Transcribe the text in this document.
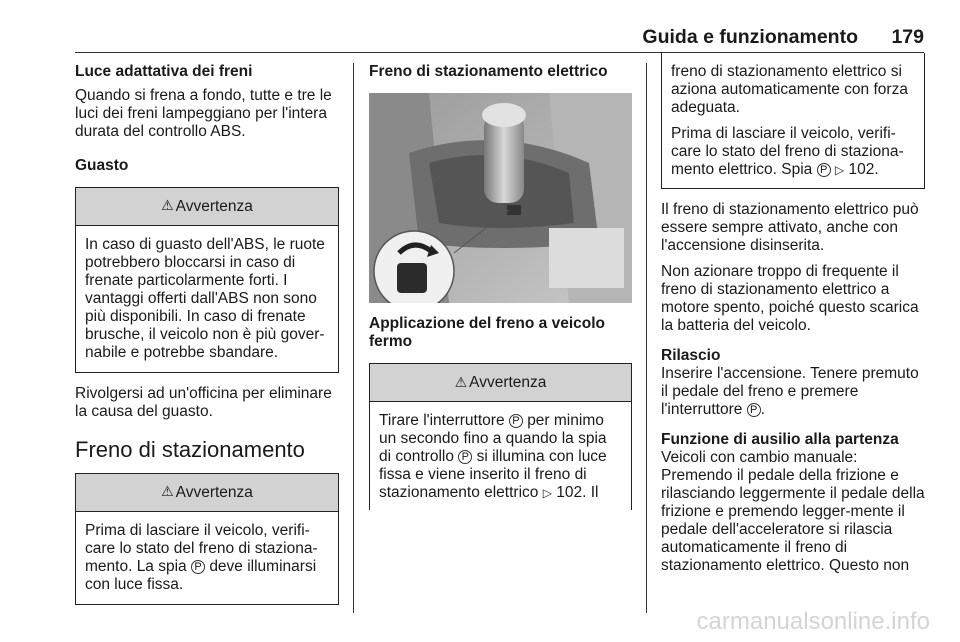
Guida e funzionamento 179
Luce adattativa dei freni

Quando si frena a fondo, tutte e tre le luci dei freni lampeggiano per l'intera durata del controllo ABS.

Guasto
⚠ Avvertenza
In caso di guasto dell'ABS, le ruote potrebbero bloccarsi in caso di frenate particolarmente forti. I vantaggi offerti dall'ABS non sono più disponibili. In caso di frenate brusche, il veicolo non è più gover-nabile e potrebbe sbandare.

Rivolgersi ad un'officina per eliminare la causa del guasto.

Freno di stazionamento
⚠ Avvertenza
Prima di lasciare il veicolo, verifi-care lo stato del freno di staziona-mento. La spia P deve illuminarsi con luce fissa.
Freno di stazionamento elettrico
Applicazione del freno a veicolo fermo
⚠ Avvertenza
Tirare l'interruttore P per minimo un secondo fino a quando la spia di controllo P si illumina con luce fissa e viene inserito il freno di stazionamento elettrico ▷ 102. Il
freno di stazionamento elettrico si aziona automaticamente con forza adeguata.
Prima di lasciare il veicolo, verifi-care lo stato del freno di staziona-mento elettrico. Spia P ▷ 102.

Il freno di stazionamento elettrico può essere sempre attivato, anche con l'accensione disinserita.

Non azionare troppo di frequente il freno di stazionamento elettrico a motore spento, poiché questo scarica la batteria del veicolo.

Rilascio

Inserire l'accensione. Tenere premuto il pedale del freno e premere l'interruttore P .

Funzione di ausilio alla partenza

Veicoli con cambio manuale: Premendo il pedale della frizione e rilasciando leggermente il pedale della frizione e premendo legger-mente il pedale dell'acceleratore si rilascia automaticamente il freno di stazionamento elettrico. Questo non

carmanualsonline.info
